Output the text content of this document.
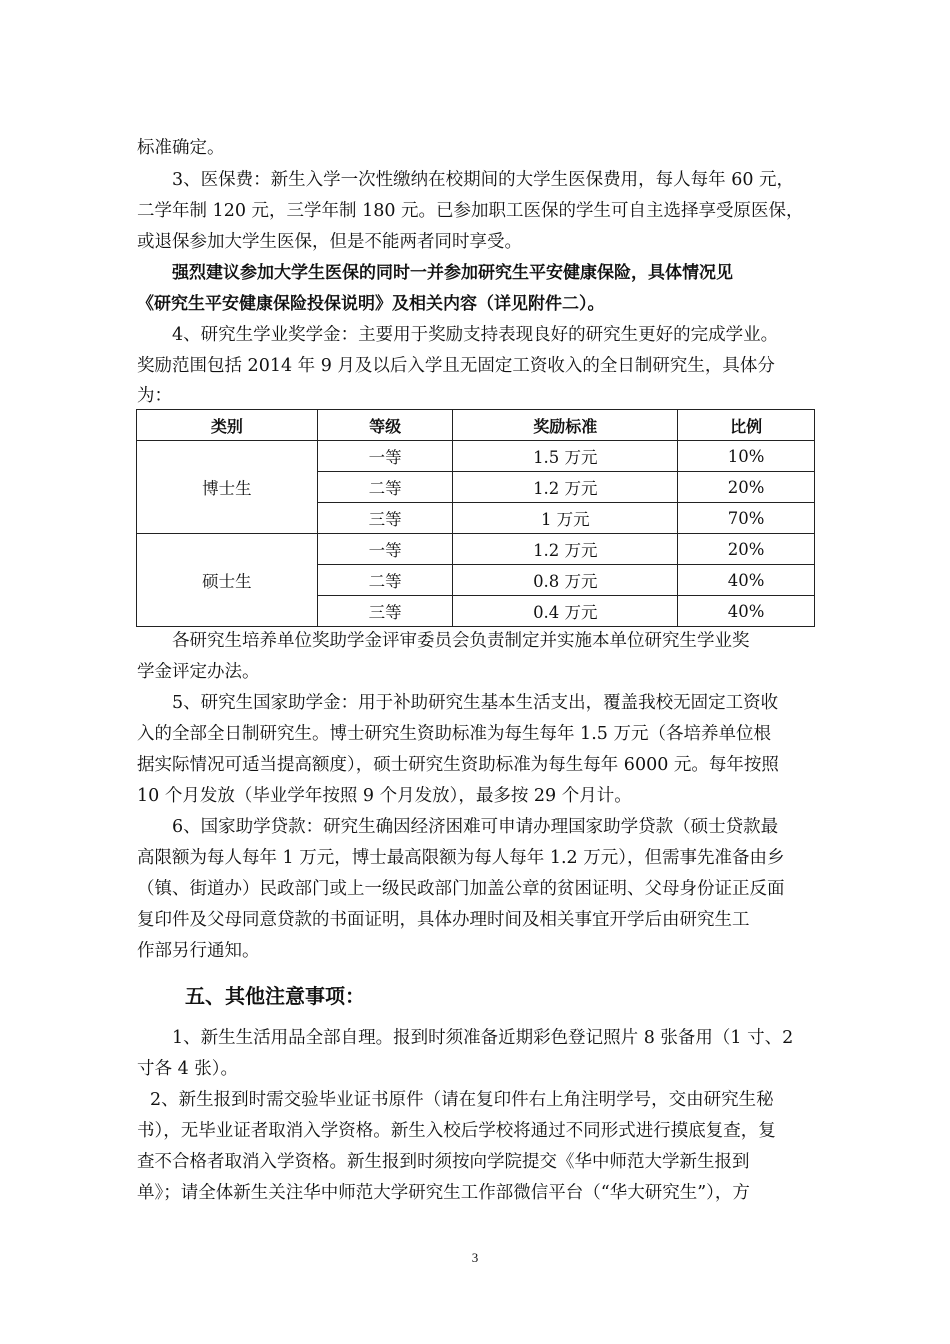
标准确定。
3、医保费：新生入学一次性缴纳在校期间的大学生医保费用，每人每年 60 元，
二学年制 120 元，三学年制 180 元。已参加职工医保的学生可自主选择享受原医保，
或退保参加大学生医保，但是不能两者同时享受。
强烈建议参加大学生医保的同时一并参加研究生平安健康保险，具体情况见
《研究生平安健康保险投保说明》及相关内容（详见附件二）。
4、研究生学业奖学金：主要用于奖励支持表现良好的研究生更好的完成学业。
奖励范围包括 2014 年 9 月及以后入学且无固定工资收入的全日制研究生，具体分
为：
类别	等级	奖励标准	比例
博士生	一等	1.5 万元	10%
	二等	1.2 万元	20%
	三等	1 万元	70%
硕士生	一等	1.2 万元	20%
	二等	0.8 万元	40%
	三等	0.4 万元	40%
各研究生培养单位奖助学金评审委员会负责制定并实施本单位研究生学业奖
学金评定办法。
5、研究生国家助学金：用于补助研究生基本生活支出，覆盖我校无固定工资收
入的全部全日制研究生。博士研究生资助标准为每生每年 1.5 万元（各培养单位根
据实际情况可适当提高额度），硕士研究生资助标准为每生每年 6000 元。每年按照
10 个月发放（毕业学年按照 9 个月发放），最多按 29 个月计。
6、国家助学贷款：研究生确因经济困难可申请办理国家助学贷款（硕士贷款最
高限额为每人每年 1 万元，博士最高限额为每人每年 1.2 万元），但需事先准备由乡
（镇、街道办）民政部门或上一级民政部门加盖公章的贫困证明、父母身份证正反面
复印件及父母同意贷款的书面证明，具体办理时间及相关事宜开学后由研究生工
作部另行通知。
五、其他注意事项：
1、新生生活用品全部自理。报到时须准备近期彩色登记照片 8 张备用（1 寸、2
寸各 4 张）。
2、新生报到时需交验毕业证书原件（请在复印件右上角注明学号，交由研究生秘
书），无毕业证者取消入学资格。新生入校后学校将通过不同形式进行摸底复查，复
查不合格者取消入学资格。新生报到时须按向学院提交《华中师范大学新生报到
单》；请全体新生关注华中师范大学研究生工作部微信平台（“华大研究生”），方
3
